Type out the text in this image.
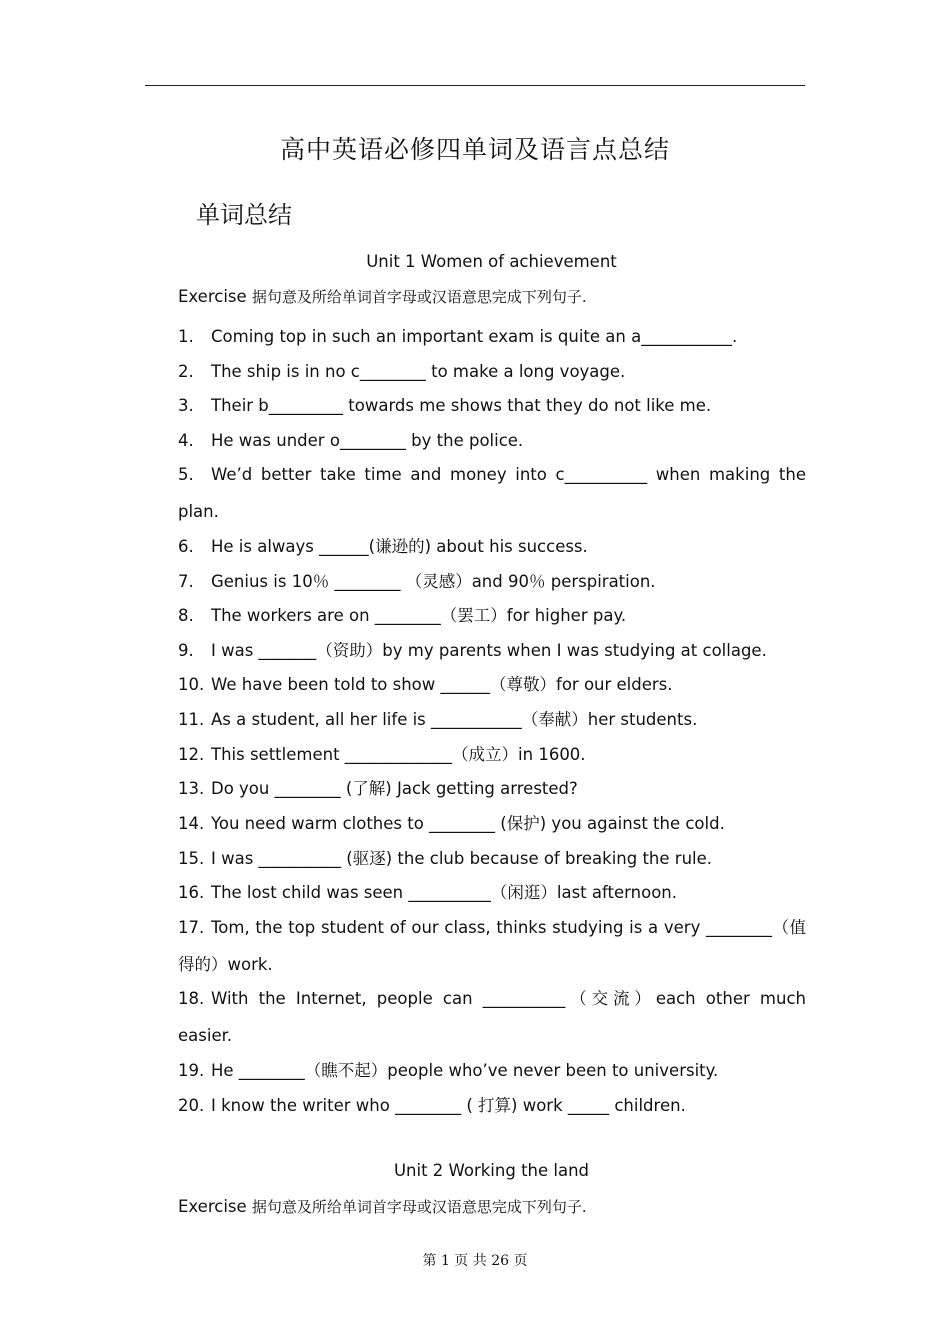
高中英语必修四单词及语言点总结
单词总结
Unit 1 Women of achievement
Exercise 据句意及所给单词首字母或汉语意思完成下列句子.
1. Coming top in such an important exam is quite an a___________.
2. The ship is in no c________ to make a long voyage.
3. Their b_________ towards me shows that they do not like me.
4. He was under o________ by the police.
5. We’d better take time and money into c__________ when making the plan.
6. He is always ______(谦逊的) about his success.
7. Genius is 10％ ________ （灵感）and 90％ perspiration.
8. The workers are on ________（罢工）for higher pay.
9. I was _______（资助）by my parents when I was studying at collage.
10. We have been told to show ______（尊敬）for our elders.
11. As a student, all her life is ___________（奉献）her students.
12. This settlement _____________（成立）in 1600.
13. Do you ________ (了解) Jack getting arrested?
14. You need warm clothes to ________ (保护) you against the cold.
15. I was __________ (驱逐) the club because of breaking the rule.
16. The lost child was seen __________（闲逛）last afternoon.
17. Tom, the top student of our class, thinks studying is a very ________（值得的）work.
18. With the Internet, people can __________（交流）each other much easier.
19. He ________（瞧不起）people who’ve never been to university.
20. I know the writer who ________ ( 打算) work _____ children.
Unit 2 Working the land
Exercise 据句意及所给单词首字母或汉语意思完成下列句子.
第 1 页 共 26 页
